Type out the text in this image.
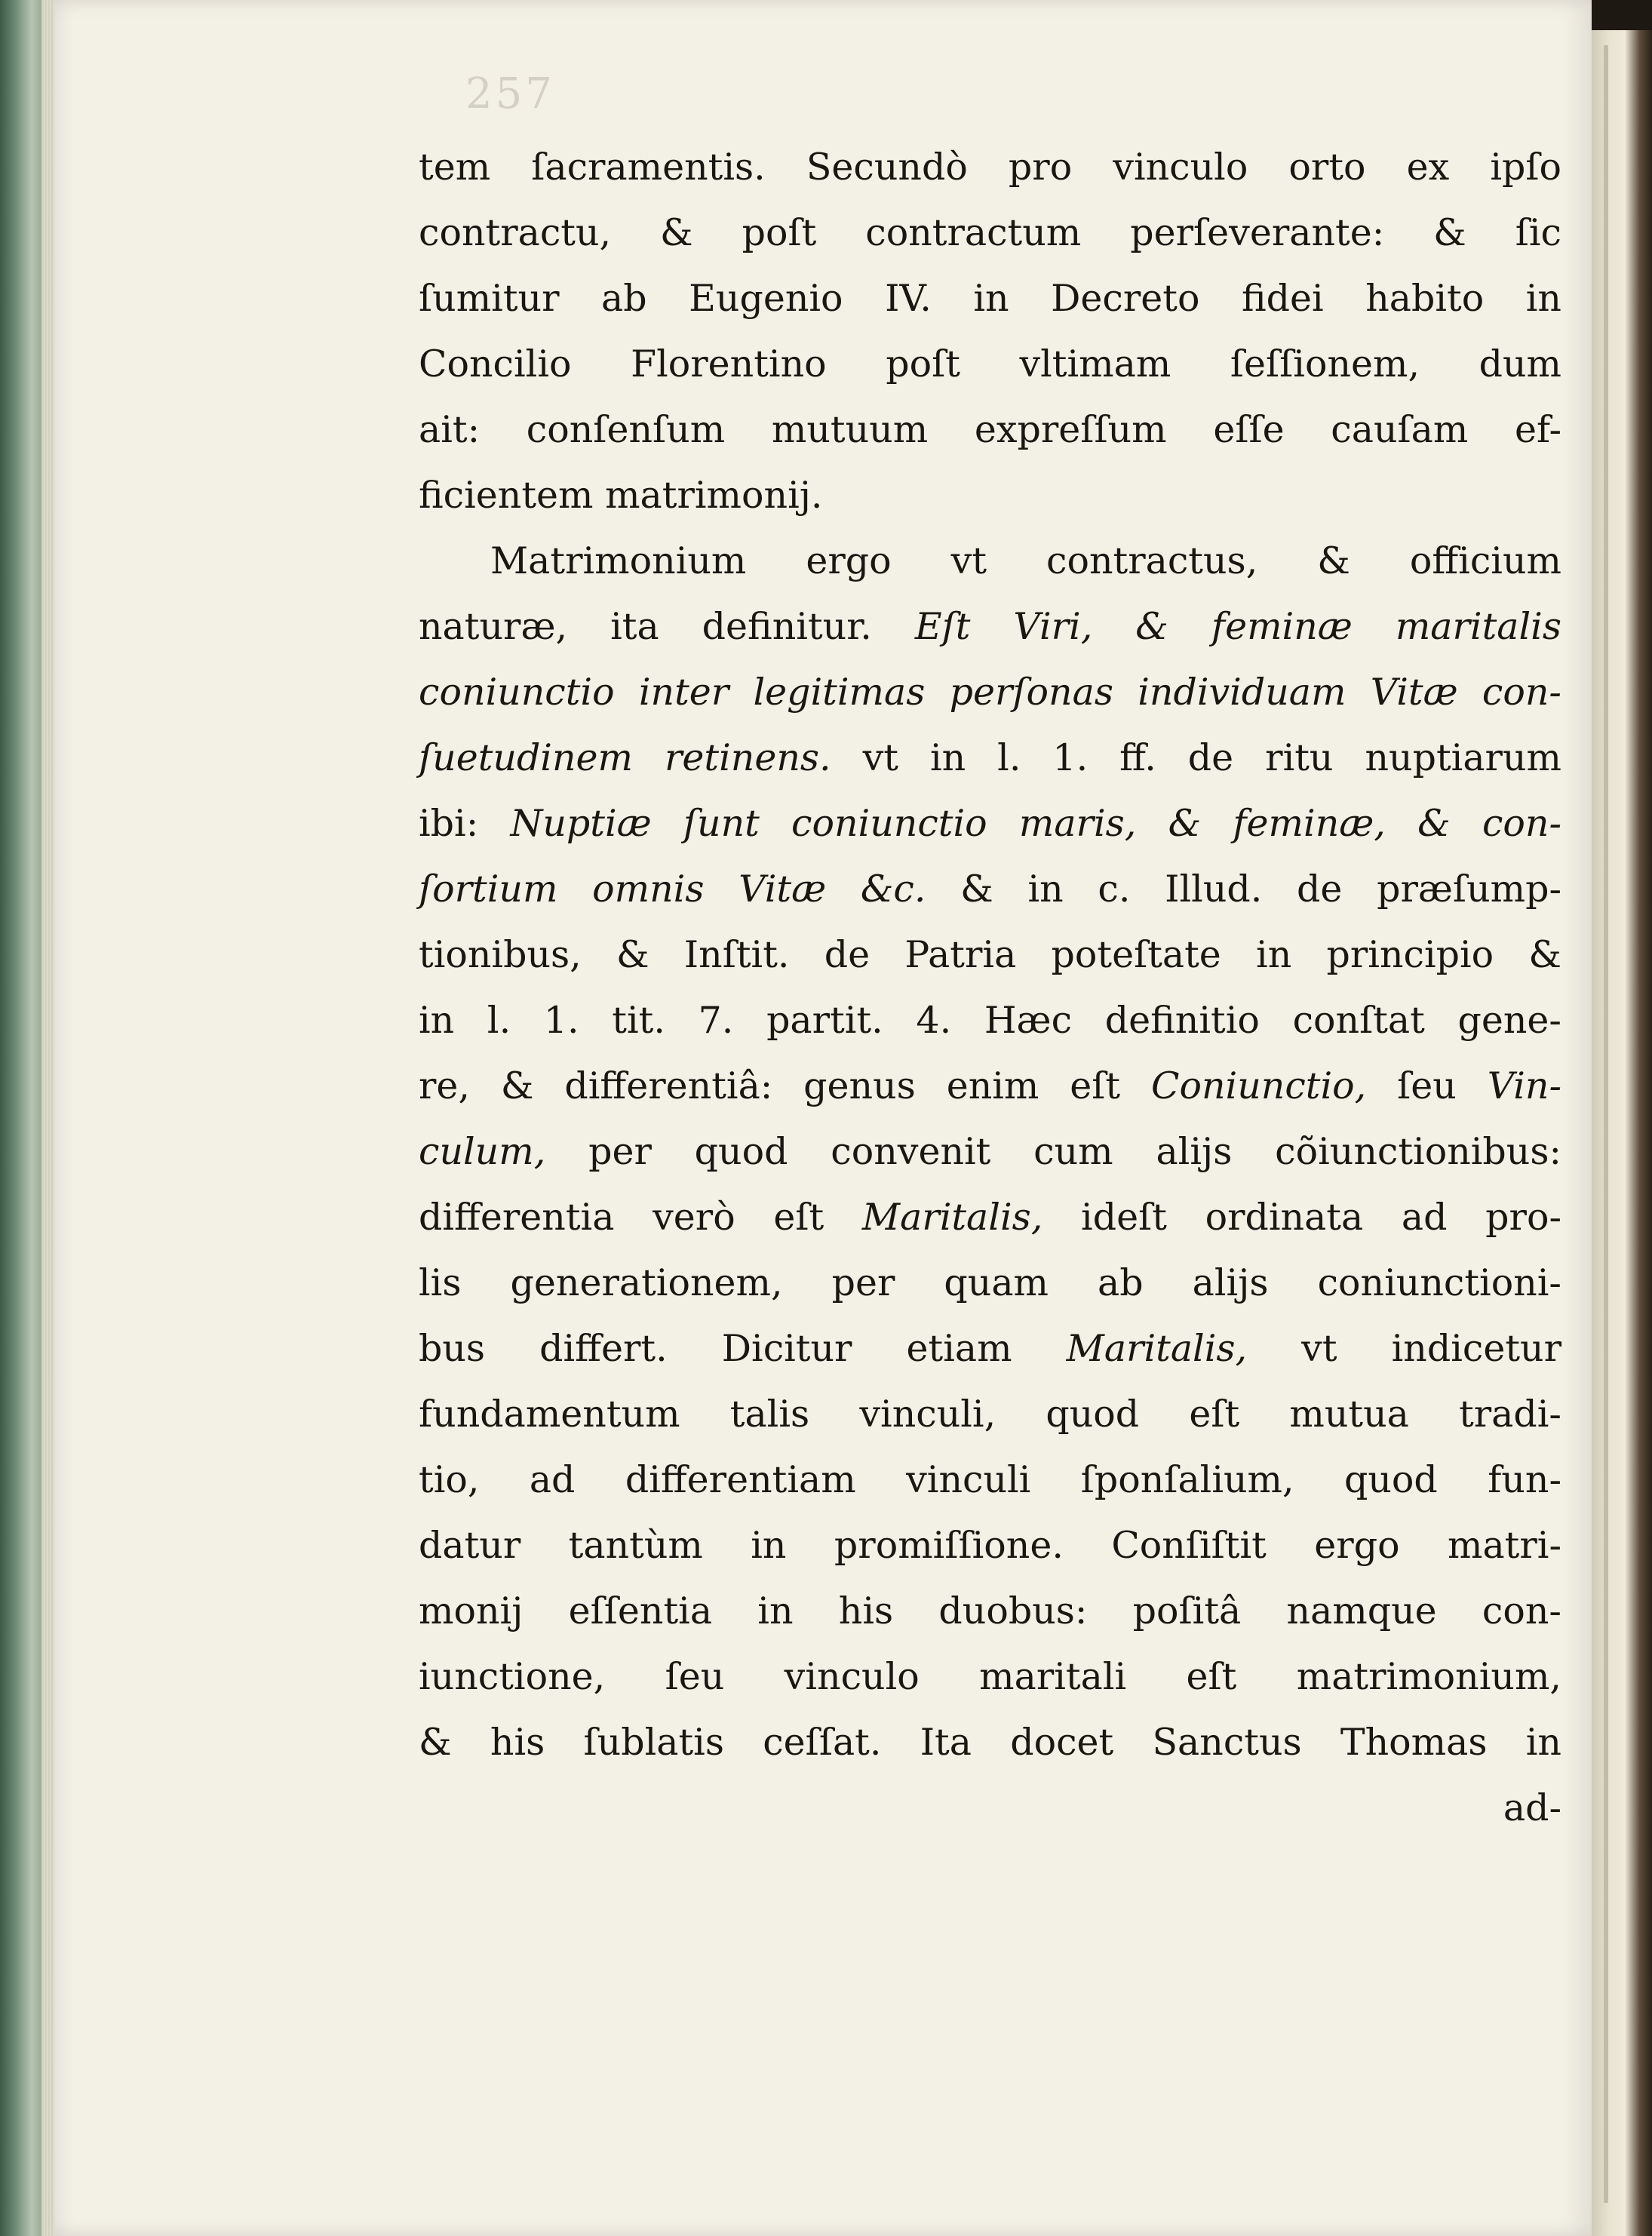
257
tem ſacramentis. Secundò pro vinculo orto ex ipſo
contractu, & poſt contractum perſeverante: & ſic
ſumitur ab Eugenio IV. in Decreto fidei habito in
Concilio Florentino poſt vltimam ſeſſionem, dum
ait: conſenſum mutuum expreſſum eſſe cauſam ef-
ficientem matrimonij.
Matrimonium ergo vt contractus, & officium
naturæ, ita definitur. Eſt Viri, & feminæ maritalis
coniunctio inter legitimas perſonas individuam Vitæ con-
ſuetudinem retinens. vt in l. 1. ff. de ritu nuptiarum
ibi: Nuptiæ ſunt coniunctio maris, & feminæ, & con-
ſortium omnis Vitæ &c. & in c. Illud. de præſump-
tionibus, & Inſtit. de Patria poteſtate in principio &
in l. 1. tit. 7. partit. 4. Hæc definitio conſtat gene-
re, & differentiâ: genus enim eſt Coniunctio, ſeu Vin-
culum, per quod convenit cum alijs cõiunctionibus:
differentia verò eſt Maritalis, ideſt ordinata ad pro-
lis generationem, per quam ab alijs coniunctioni-
bus differt. Dicitur etiam Maritalis, vt indicetur
fundamentum talis vinculi, quod eſt mutua tradi-
tio, ad differentiam vinculi ſponſalium, quod fun-
datur tantùm in promiſſione. Conſiſtit ergo matri-
monij eſſentia in his duobus: poſitâ namque con-
iunctione, ſeu vinculo maritali eſt matrimonium,
& his ſublatis ceſſat. Ita docet Sanctus Thomas in
ad-
